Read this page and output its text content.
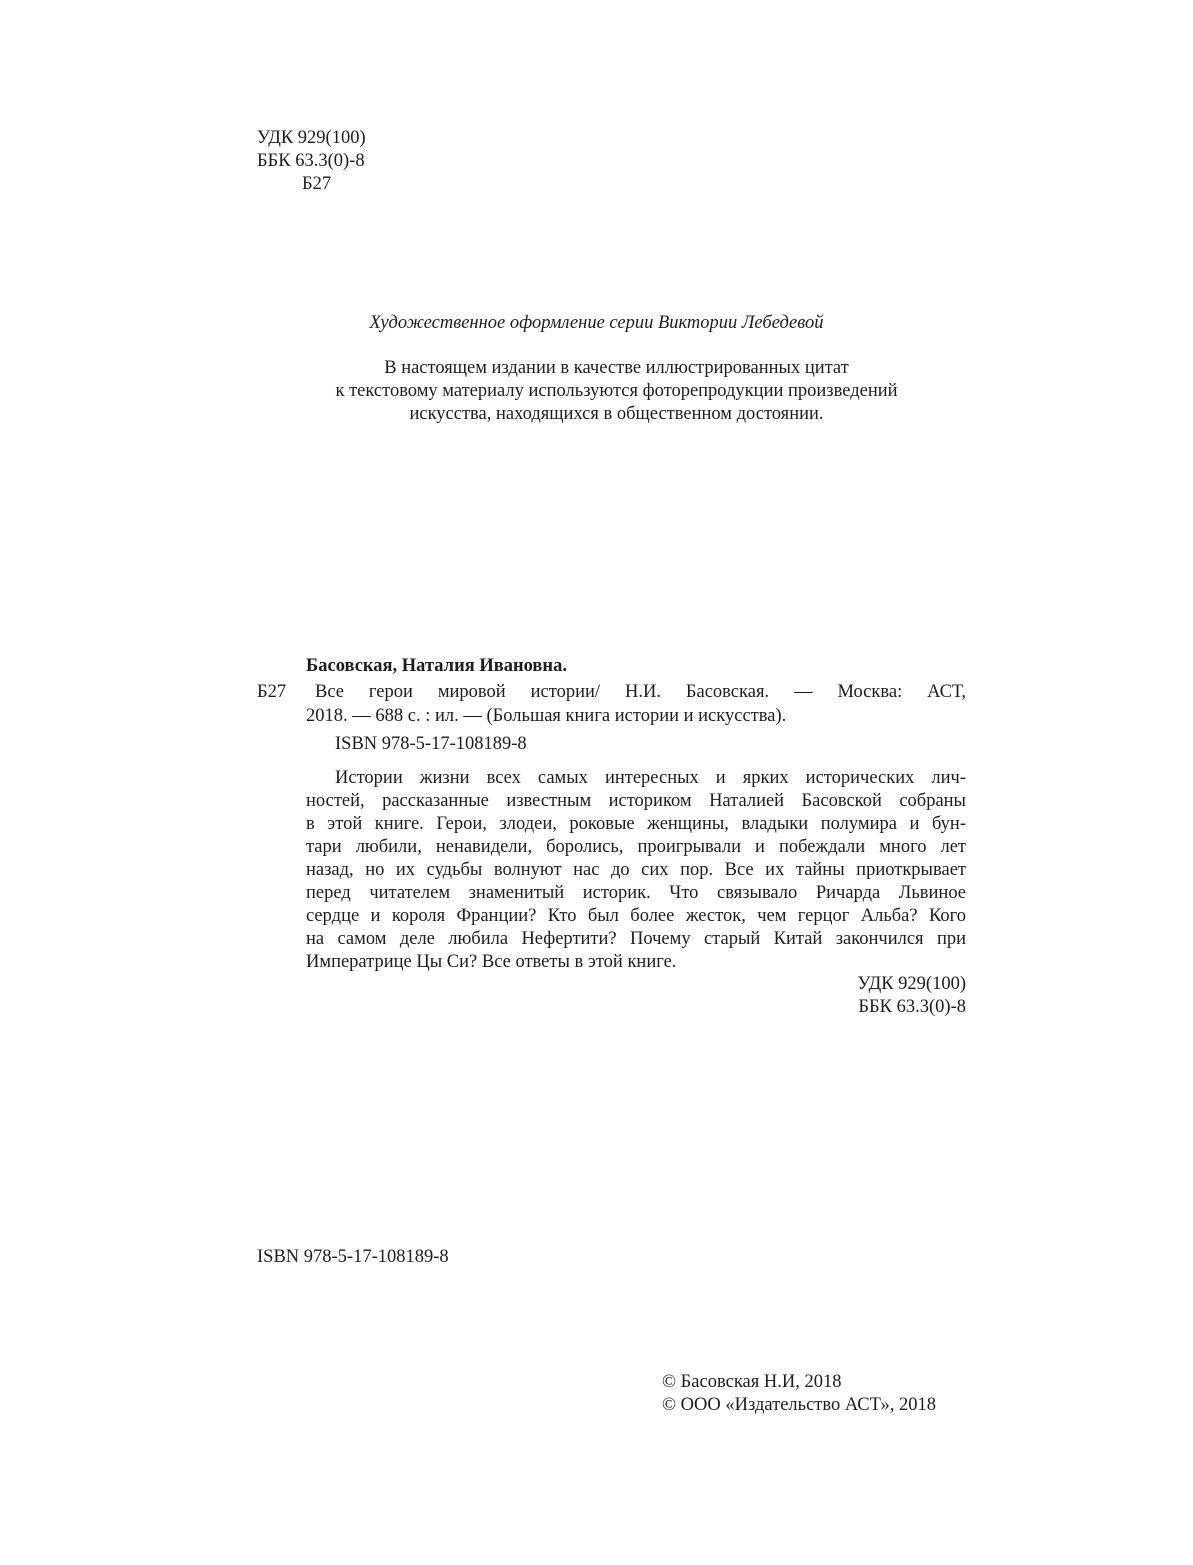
УДК 929(100)
ББК 63.3(0)-8
Б27

Художественное оформление серии Виктории Лебедевой

В настоящем издании в качестве иллюстрированных цитат
к текстовому материалу используются фоторепродукции произведений
искусства, находящихся в общественном достоянии.

Басовская, Наталия Ивановна.

Б27	Все герои мировой истории/ Н.И. Басовская. — Москва: АСТ,
2018. — 688 с. : ил. — (Большая книга истории и искусства).

ISBN 978-5-17-108189-8

Истории жизни всех самых интересных и ярких исторических лич-
ностей, рассказанные известным историком Наталией Басовской собраны
в этой книге. Герои, злодеи, роковые женщины, владыки полумира и бун-
тари любили, ненавидели, боролись, проигрывали и побеждали много лет
назад, но их судьбы волнуют нас до сих пор. Все их тайны приоткрывает
перед читателем знаменитый историк. Что связывало Ричарда Львиное
сердце и короля Франции? Кто был более жесток, чем герцог Альба? Кого
на самом деле любила Нефертити? Почему старый Китай закончился при
Императрице Цы Си? Все ответы в этой книге.
УДК 929(100)
ББК 63.3(0)-8

ISBN 978-5-17-108189-8

© Басовская Н.И, 2018
© ООО «Издательство АСТ», 2018
